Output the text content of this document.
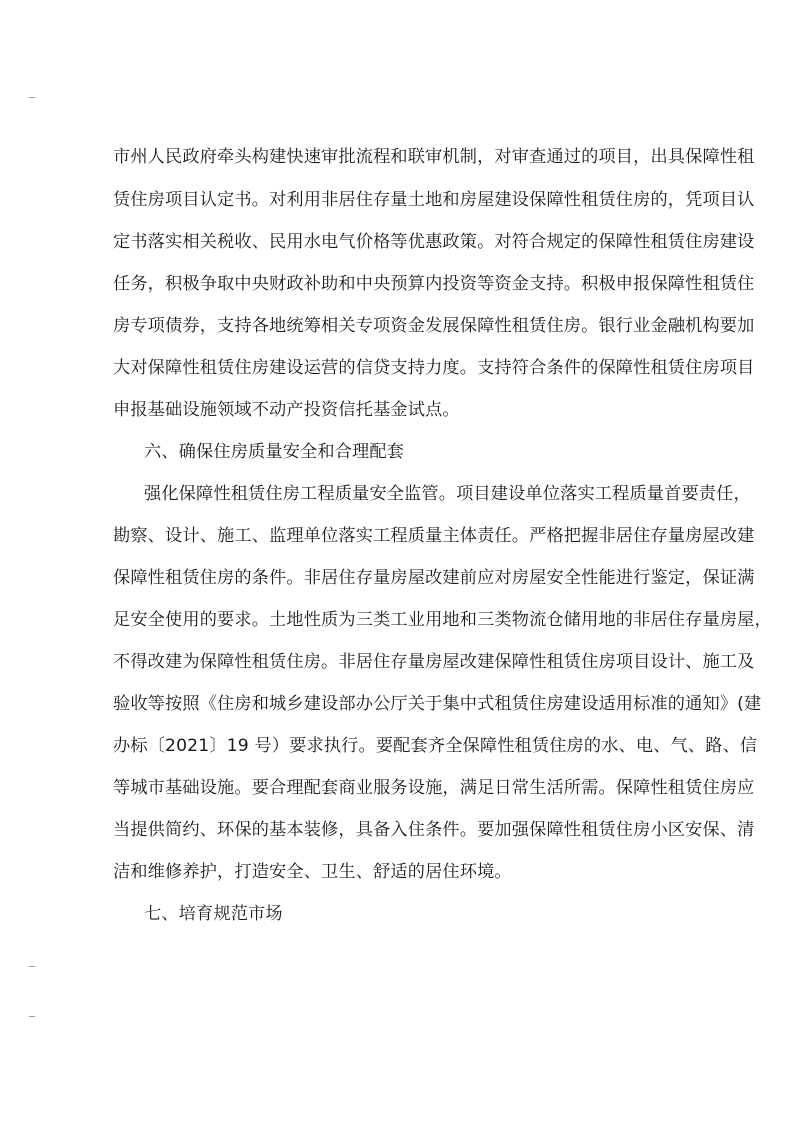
市州人民政府牵头构建快速审批流程和联审机制，对审查通过的项目，出具保障性租
赁住房项目认定书。对利用非居住存量土地和房屋建设保障性租赁住房的，凭项目认
定书落实相关税收、民用水电气价格等优惠政策。对符合规定的保障性租赁住房建设
任务，积极争取中央财政补助和中央预算内投资等资金支持。积极申报保障性租赁住
房专项债券，支持各地统筹相关专项资金发展保障性租赁住房。银行业金融机构要加
大对保障性租赁住房建设运营的信贷支持力度。支持符合条件的保障性租赁住房项目
申报基础设施领域不动产投资信托基金试点。
六、确保住房质量安全和合理配套
强化保障性租赁住房工程质量安全监管。项目建设单位落实工程质量首要责任，
勘察、设计、施工、监理单位落实工程质量主体责任。严格把握非居住存量房屋改建
保障性租赁住房的条件。非居住存量房屋改建前应对房屋安全性能进行鉴定，保证满
足安全使用的要求。土地性质为三类工业用地和三类物流仓储用地的非居住存量房屋，
不得改建为保障性租赁住房。非居住存量房屋改建保障性租赁住房项目设计、施工及
验收等按照《住房和城乡建设部办公厅关于集中式租赁住房建设适用标准的通知》(建
办标〔2021〕19 号）要求执行。要配套齐全保障性租赁住房的水、电、气、路、信
等城市基础设施。要合理配套商业服务设施，满足日常生活所需。保障性租赁住房应
当提供简约、环保的基本装修，具备入住条件。要加强保障性租赁住房小区安保、清
洁和维修养护，打造安全、卫生、舒适的居住环境。
七、培育规范市场
